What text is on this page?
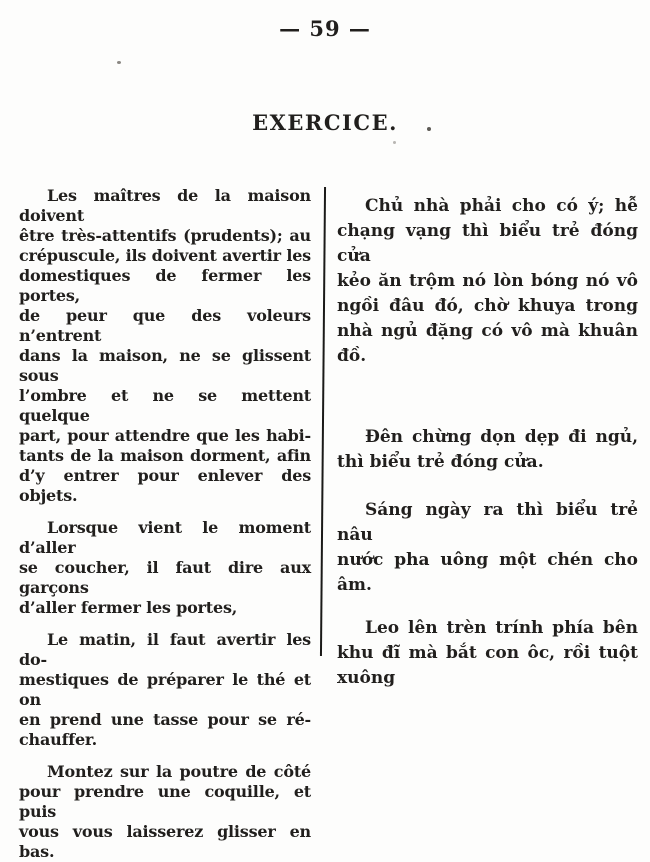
— 59 —
EXERCICE.
Les maîtres de la maison doivent
être très-attentifs (prudents); au
crépuscule, ils doivent avertir les
domestiques de fermer les portes,
de peur que des voleurs n’entrent
dans la maison, ne se glissent sous
l’ombre et ne se mettent quelque
part, pour attendre que les habi-
tants de la maison dorment, afin
d’y entrer pour enlever des objets.
Lorsque vient le moment d’aller
se coucher, il faut dire aux garçons
d’aller fermer les portes,
Le matin, il faut avertir les do-
mestiques de préparer le thé et on
en prend une tasse pour se ré-
chauffer.
Montez sur la poutre de côté
pour prendre une coquille, et puis
vous vous laisserez glisser en bas.
Chủ nhà phải cho có ý; hễ
chạng vạng thì biểu trẻ đóng cửa
kẻo ăn trộm nó lòn bóng nó vô
ngồi đâu đó, chờ khuya trong
nhà ngủ đặng có vô mà khuân
đồ.
Đên chừng dọn dẹp đi ngủ,
thì biểu trẻ đóng cửa.
Sáng ngày ra thì biểu trẻ nâu
nước pha uông một chén cho
âm.
Leo lên trèn trính phía bên
khu đĩ mà bắt con ôc, rồi tuột
xuông
